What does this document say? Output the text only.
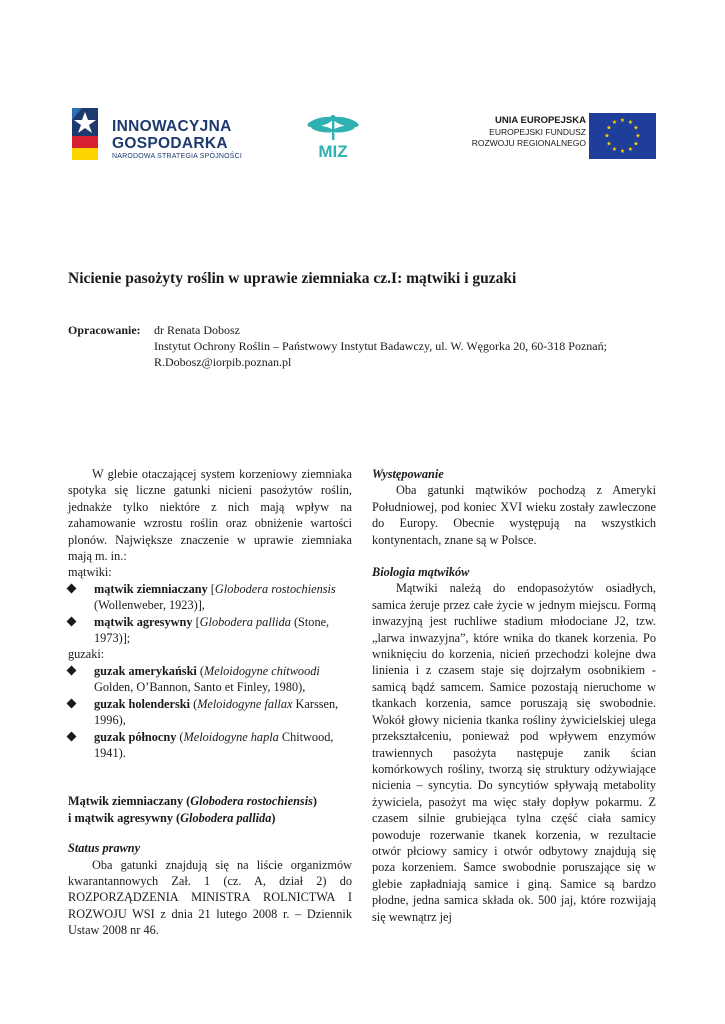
INNOWACYJNA
GOSPODARKA
NARODOWA STRATEGIA SPÓJNOŚCI	MIZ
UNIA EUROPEJSKA
EUROPEJSKI FUNDUSZ
ROZWOJU REGIONALNEGO
★ ★
★
★
★
★
★
★
★
★
★
★
Nicienie pasożyty roślin w uprawie ziemniaka cz.I: mątwiki i guzaki
Opracowanie: dr Renata Dobosz
Instytut Ochrony Roślin – Państwowy Instytut Badawczy, ul. W. Węgorka 20, 60-318 Poznań;
R.Dobosz@iorpib.poznan.pl

W glebie otaczającej system korzeniowy ziemniaka spotyka się liczne gatunki nicieni pasożytów roślin, jednakże tylko niektóre z nich mają wpływ na zahamowanie wzrostu roślin oraz obniżenie wartości plonów. Największe znaczenie w uprawie ziemniaka mają m. in.:

mątwiki:

mątwik ziemniaczany [Globodera rostochiensis (Wollenweber, 1923)],
mątwik agresywny [Globodera pallida (Stone, 1973)];

guzaki:

guzak amerykański (Meloidogyne chitwoodi Golden, O’Bannon, Santo et Finley, 1980),
guzak holenderski (Meloidogyne fallax Karssen, 1996),
guzak północny (Meloidogyne hapla Chitwood, 1941).

Mątwik ziemniaczany (Globodera rostochiensis)
i mątwik agresywny (Globodera pallida)

Status prawny

Oba gatunki znajdują się na liście organizmów kwarantannowych Zał. 1 (cz. A, dział 2) do ROZPORZĄDZENIA MINISTRA ROLNICTWA I ROZWOJU WSI z dnia 21 lutego 2008 r. – Dziennik Ustaw 2008 nr 46.

Występowanie

Oba gatunki mątwików pochodzą z Ameryki Południowej, pod koniec XVI wieku zostały zawleczone do Europy. Obecnie występują na wszystkich kontynentach, znane są w Polsce.

Biologia mątwików

Mątwiki należą do endopasożytów osiadłych, samica żeruje przez całe życie w jednym miejscu. Formą inwazyjną jest ruchliwe stadium młodociane J2, tzw. „larwa inwazyjna”, które wnika do tkanek korzenia. Po wniknięciu do korzenia, nicień przechodzi kolejne dwa linienia i z czasem staje się dojrzałym osobnikiem - samicą bądź samcem. Samice pozostają nieruchome w tkankach korzenia, samce poruszają się swobodnie. Wokół głowy nicienia tkanka rośliny żywicielskiej ulega przekształceniu, ponieważ pod wpływem enzymów trawiennych pasożyta następuje zanik ścian komórkowych rośliny, tworzą się struktury odżywiające nicienia – syncytia. Do syncytiów spływają metabolity żywiciela, pasożyt ma więc stały dopływ pokarmu. Z czasem silnie grubiejąca tylna część ciała samicy powoduje rozerwanie tkanek korzenia, w rezultacie otwór płciowy samicy i otwór odbytowy znajdują się poza korzeniem. Samce swobodnie poruszające się w glebie zapładniają samice i giną. Samice są bardzo płodne, jedna samica składa ok. 500 jaj, które rozwijają się wewnątrz jej
